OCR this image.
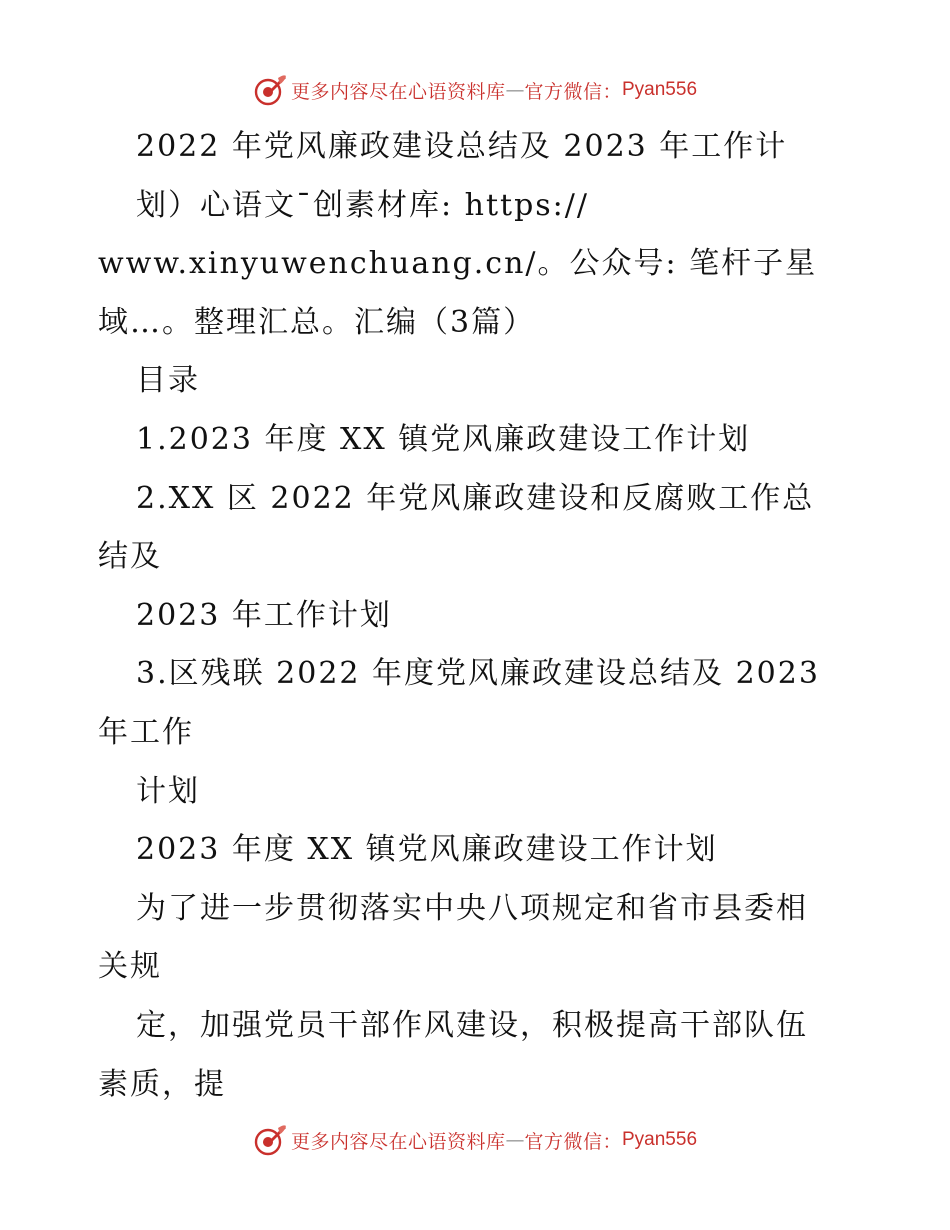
更多内容尽在心语资料库 — 官方微信： Pyan556
2022 年党风廉政建设总结及 2023 年工作计
划）心语文¯创素材库: https://
www.xinyuwenchuang.cn/。公众号: 笔杆子星
域…。整理汇总。汇编（3篇）
目录
1.2023 年度 XX 镇党风廉政建设工作计划
2.XX 区 2022 年党风廉政建设和反腐败工作总
结及
2023 年工作计划
3.区残联 2022 年度党风廉政建设总结及 2023
年工作
计划
2023 年度 XX 镇党风廉政建设工作计划
为了进一步贯彻落实中央八项规定和省市县委相
关规
定，加强党员干部作风建设，积极提高干部队伍
素质，提
更多内容尽在心语资料库 — 官方微信： Pyan556
